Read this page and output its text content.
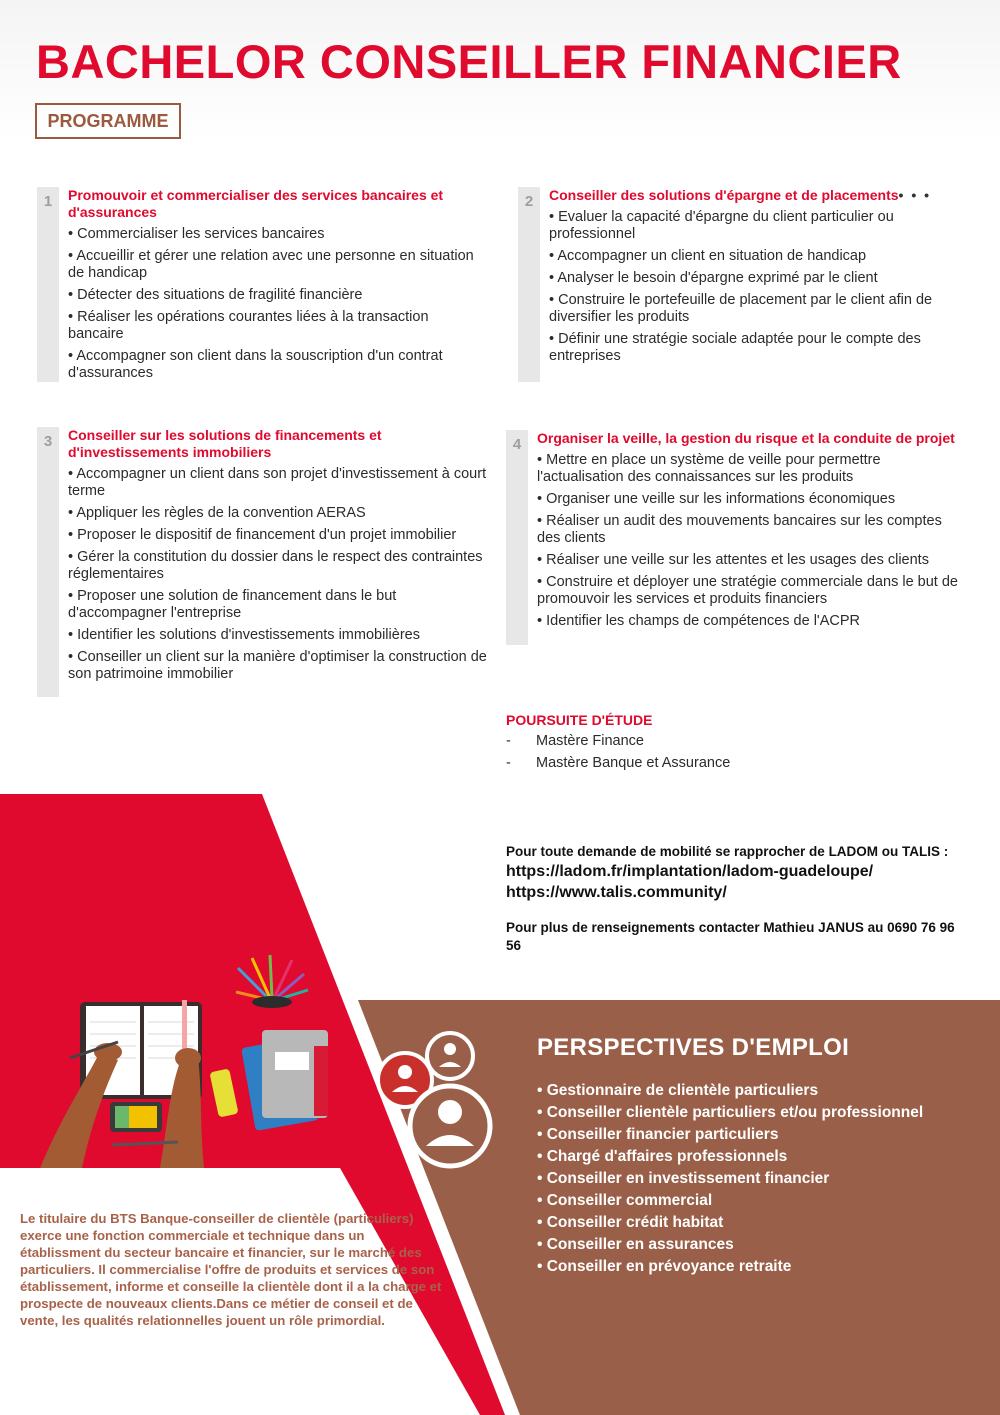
BACHELOR CONSEILLER FINANCIER
PROGRAMME
1	Promouvoir et commercialiser des services bancaires et d'assurances
• Commercialiser les services bancaires
• Accueillir et gérer une relation avec une personne en situation de handicap
• Détecter des situations de fragilité financière
• Réaliser les opérations courantes liées à la transaction bancaire
• Accompagner son client dans la souscription d'un contrat d'assurances
2	Conseiller des solutions d'épargne et de placements• • •
• Evaluer la capacité d'épargne du client particulier ou professionnel
• Accompagner un client en situation de handicap
• Analyser le besoin d'épargne exprimé par le client
• Construire le portefeuille de placement par le client afin de diversifier les produits
• Définir une stratégie sociale adaptée pour le compte des entreprises
3	Conseiller sur les solutions de financements et d'investissements immobiliers
• Accompagner un client dans son projet d'investissement à court terme
• Appliquer les règles de la convention AERAS
• Proposer le dispositif de financement d'un projet immobilier
• Gérer la constitution du dossier dans le respect des contraintes réglementaires
• Proposer une solution de financement dans le but d'accompagner l'entreprise
• Identifier les solutions d'investissements immobilières
• Conseiller un client sur la manière d'optimiser la construction de son patrimoine immobilier
4	Organiser la veille, la gestion du risque et la conduite de projet
• Mettre en place un système de veille pour permettre l'actualisation des connaissances sur les produits
• Organiser une veille sur les informations économiques
• Réaliser un audit des mouvements bancaires sur les comptes des clients
• Réaliser une veille sur les attentes et les usages des clients
• Construire et déployer une stratégie commerciale dans le but de promouvoir les services et produits financiers
• Identifier les champs de compétences de l'ACPR
POURSUITE D'ÉTUDE
- Mastère Finance
- Mastère Banque et Assurance

Pour toute demande de mobilité se rapprocher de LADOM ou TALIS :

https://ladom.fr/implantation/ladom-guadeloupe/

https://www.talis.community/

Pour plus de renseignements contacter Mathieu JANUS au 0690 76 96 56

PERSPECTIVES D'EMPLOI
• Gestionnaire de clientèle particuliers
• Conseiller clientèle particuliers et/ou professionnel
• Conseiller financier particuliers
• Chargé d'affaires professionnels
• Conseiller en investissement financier
• Conseiller commercial
• Conseiller crédit habitat
• Conseiller en assurances
• Conseiller en prévoyance retraite

Le titulaire du BTS Banque-conseiller de clientèle (particuliers) exerce une fonction commerciale et technique dans un établissment du secteur bancaire et financier, sur le marché des particuliers. Il commercialise l'offre de produits et services de son établissement, informe et conseille la clientèle dont il a la charge et prospecte de nouveaux clients.Dans ce métier de conseil et de vente, les qualités relationnelles jouent un rôle primordial.
